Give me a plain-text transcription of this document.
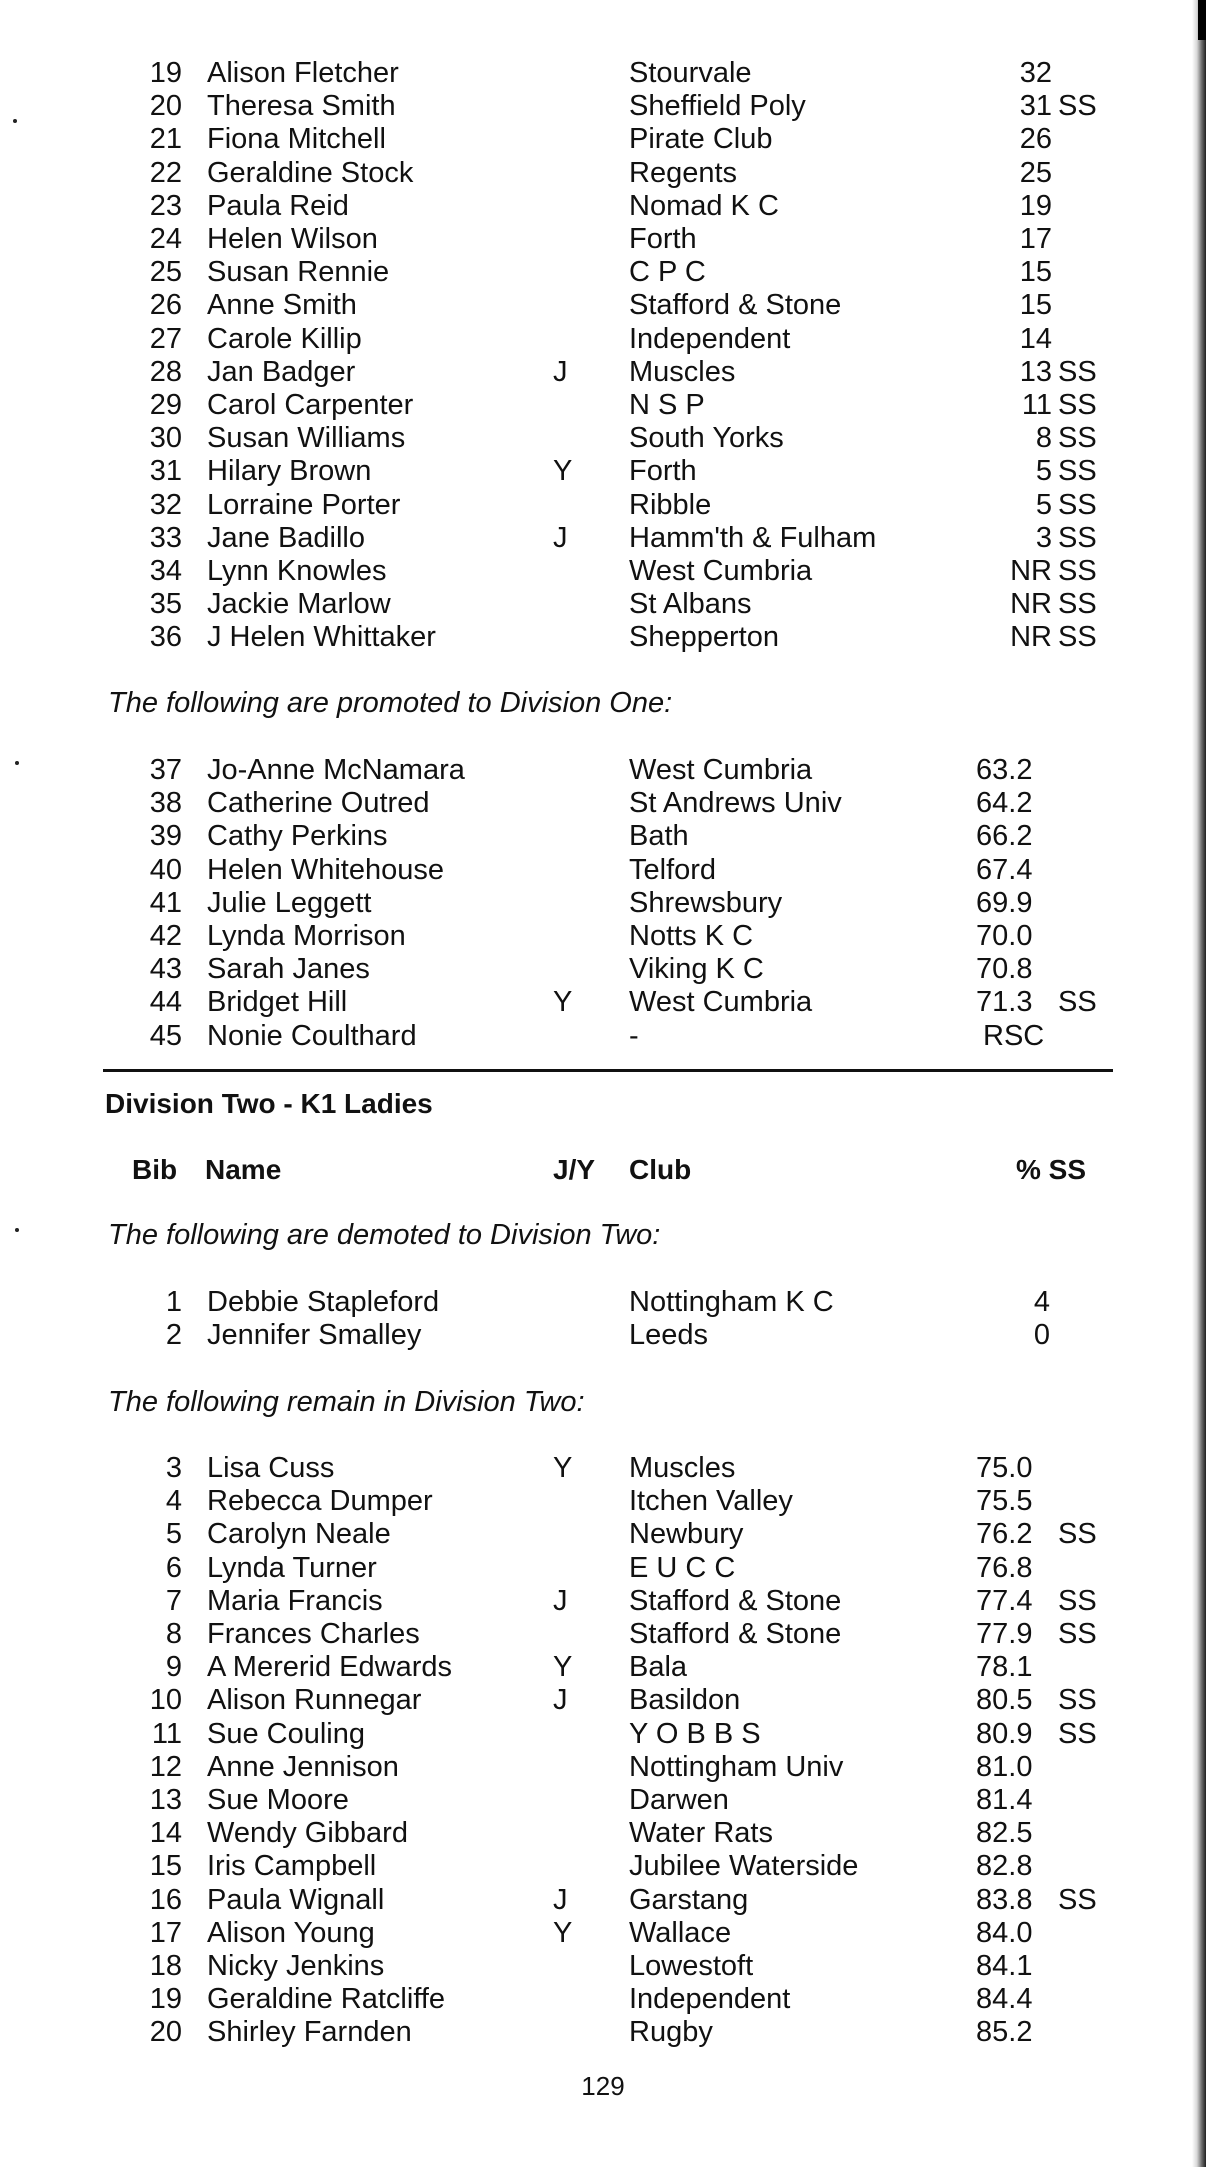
19 Alison Fletcher	Stourvale	32
20 Theresa Smith	Sheffield Poly	31 SS
21 Fiona Mitchell	Pirate Club	26
22 Geraldine Stock	Regents	25
23 Paula Reid	Nomad K C	19
24 Helen Wilson	Forth	17
25 Susan Rennie	C P C	15
26 Anne Smith	Stafford & Stone	15
27 Carole Killip	Independent	14
28 Jan Badger	J Muscles	13 SS
29 Carol Carpenter	N S P	11 SS
30 Susan Williams	South Yorks	8 SS
31 Hilary Brown	Y Forth	5 SS
32 Lorraine Porter	Ribble	5 SS
33 Jane Badillo	J Hamm'th & Fulham	3 SS
34 Lynn Knowles	West Cumbria	NR SS
35 Jackie Marlow	St Albans	NR SS
36 J Helen Whittaker	Shepperton	NR SS
The following are promoted to Division One:
37 Jo-Anne McNamara	West Cumbria	63.2
38 Catherine Outred	St Andrews Univ	64.2
39 Cathy Perkins	Bath	66.2
40 Helen Whitehouse	Telford	67.4
41 Julie Leggett	Shrewsbury	69.9
42 Lynda Morrison	Notts K C	70.0
43 Sarah Janes	Viking K C	70.8
44 Bridget Hill	Y West Cumbria	71.3 SS
45 Nonie Coulthard	-	RSC
Division Two - K1 Ladies
Bib Name	J/Y Club	% SS
The following are demoted to Division Two:
1 Debbie Stapleford	Nottingham K C	4
2 Jennifer Smalley	Leeds	0
The following remain in Division Two:
3 Lisa Cuss	Y Muscles	75.0
4 Rebecca Dumper	Itchen Valley	75.5
5 Carolyn Neale	Newbury	76.2 SS
6 Lynda Turner	E U C C	76.8
7 Maria Francis	J Stafford & Stone	77.4 SS
8 Frances Charles	Stafford & Stone	77.9 SS
9 A Mererid Edwards	Y Bala	78.1
10 Alison Runnegar	J Basildon	80.5 SS
11 Sue Couling	Y O B B S	80.9 SS
12 Anne Jennison	Nottingham Univ	81.0
13 Sue Moore	Darwen	81.4
14 Wendy Gibbard	Water Rats	82.5
15 Iris Campbell	Jubilee Waterside	82.8
16 Paula Wignall	J Garstang	83.8 SS
17 Alison Young	Y Wallace	84.0
18 Nicky Jenkins	Lowestoft	84.1
19 Geraldine Ratcliffe	Independent	84.4
20 Shirley Farnden	Rugby	85.2
129
